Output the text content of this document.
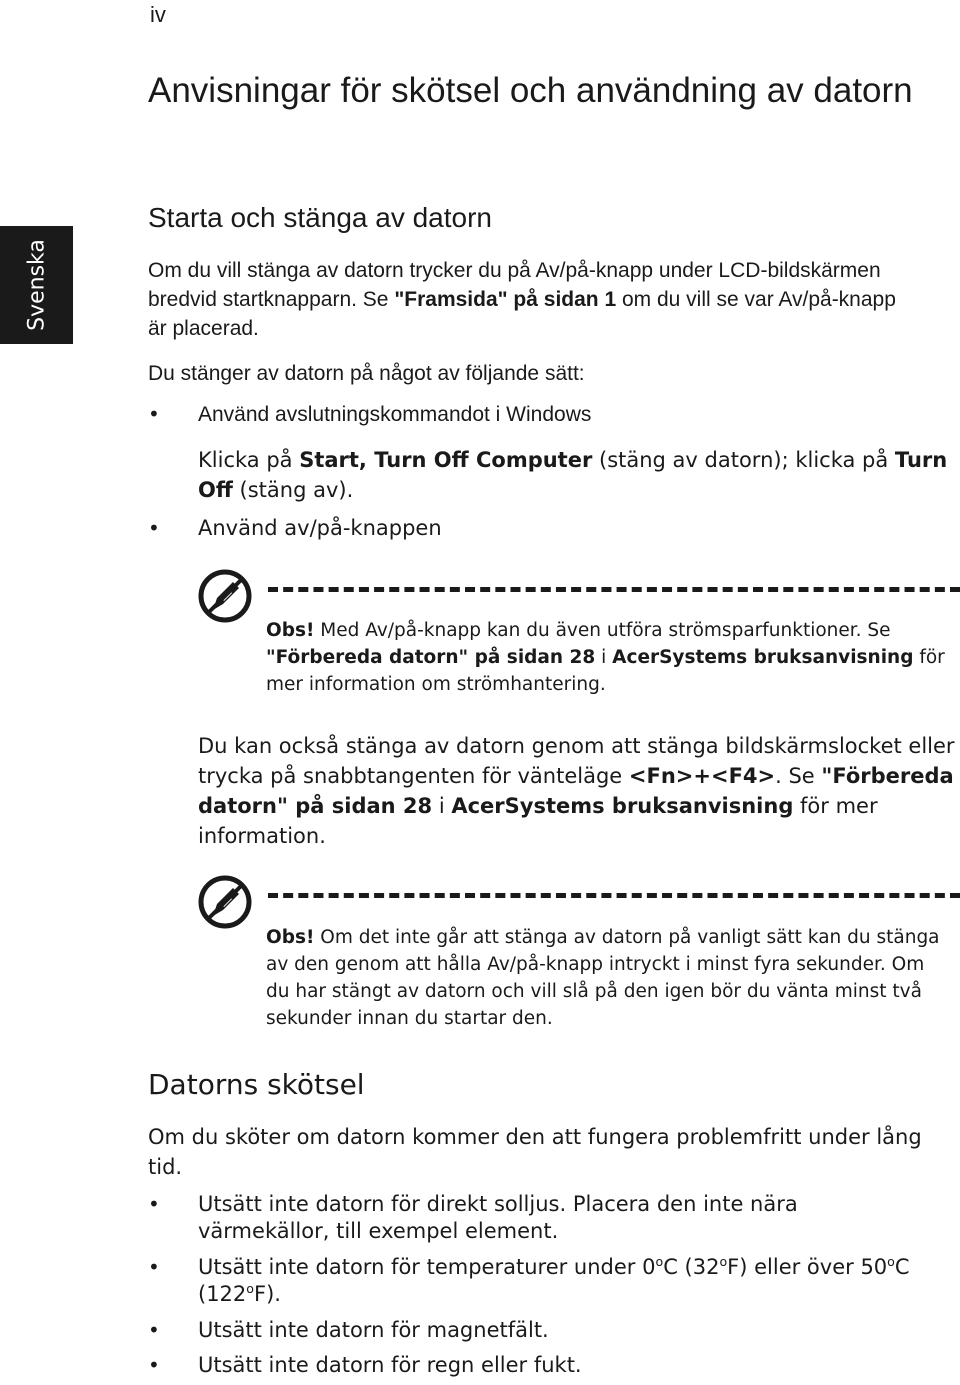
iv
Svenska
Anvisningar för skötsel och användning av datorn
Starta och stänga av datorn

Om du vill stänga av datorn trycker du på Av/på-knapp under LCD-bildskärmen bredvid startknapparn. Se "Framsida" på sidan 1 om du vill se var Av/på-knapp är placerad.

Du stänger av datorn på något av följande sätt:

• Använd avslutningskommandot i Windows
Klicka på Start, Turn Off Computer (stäng av datorn); klicka på Turn Off (stäng av).
• Använd av/på-knappen
Obs! Med Av/på-knapp kan du även utföra strömsparfunktioner. Se "Förbereda datorn" på sidan 28 i AcerSystems bruksanvisning för mer information om strömhantering.
Du kan också stänga av datorn genom att stänga bildskärmslocket eller trycka på snabbtangenten för vänteläge <Fn>+<F4>. Se "Förbereda datorn" på sidan 28 i AcerSystems bruksanvisning för mer information.
Obs! Om det inte går att stänga av datorn på vanligt sätt kan du stänga av den genom att hålla Av/på-knapp intryckt i minst fyra sekunder. Om du har stängt av datorn och vill slå på den igen bör du vänta minst två sekunder innan du startar den.
Datorns skötsel

Om du sköter om datorn kommer den att fungera problemfritt under lång tid.

• Utsätt inte datorn för direkt solljus. Placera den inte nära värmekällor, till exempel element.
• Utsätt inte datorn för temperaturer under 0$^o$C (32$^o$F) eller över 50$^o$C (122$^o$F).
• Utsätt inte datorn för magnetfält.
• Utsätt inte datorn för regn eller fukt.
